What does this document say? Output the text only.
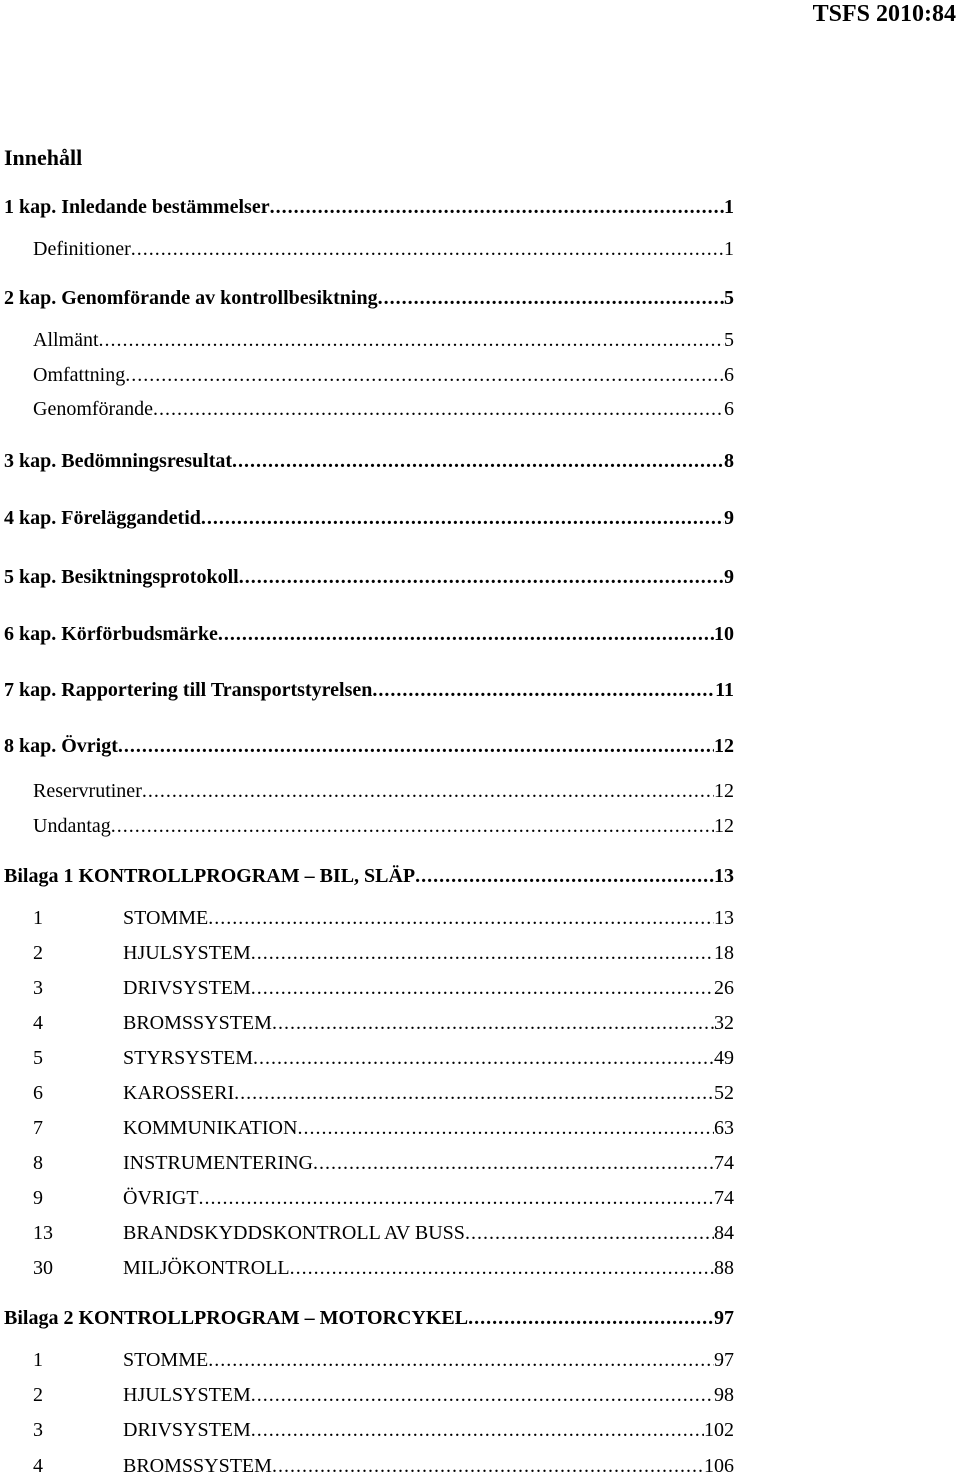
TSFS 2010:84

Innehåll
1 kap. Inledande bestämmelser . . .	1
Definitioner . . .	1
2 kap. Genomförande av kontrollbesiktning . . .	5
Allmänt . . .	5
Omfattning . . .	6
Genomförande . . .	6
3 kap. Bedömningsresultat . . .	8
4 kap. Föreläggandetid . . .	9
5 kap. Besiktningsprotokoll . . .	9
6 kap. Körförbudsmärke . . .	10
7 kap. Rapportering till Transportstyrelsen . . .	11
8 kap. Övrigt . . .	12
Reservrutiner . . .	12
Undantag . . .	12
Bilaga 1 KONTROLLPROGRAM – BIL, SLÄP . . .	13
1	STOMME . . .	13
2	HJULSYSTEM . . .	18
3	DRIVSYSTEM . . .	26
4	BROMSSYSTEM . . .	32
5	STYRSYSTEM . . .	49
6	KAROSSERI . . .	52
7	KOMMUNIKATION . . .	63
8	INSTRUMENTERING . . .	74
9	ÖVRIGT . . .	74
13	BRANDSKYDDSKONTROLL AV BUSS . . .	84
30	MILJÖKONTROLL . . .	88
Bilaga 2 KONTROLLPROGRAM – MOTORCYKEL . . .	97
1	STOMME . . .	97
2	HJULSYSTEM . . .	98
3	DRIVSYSTEM . . .	102
4	BROMSSYSTEM . . .	106
